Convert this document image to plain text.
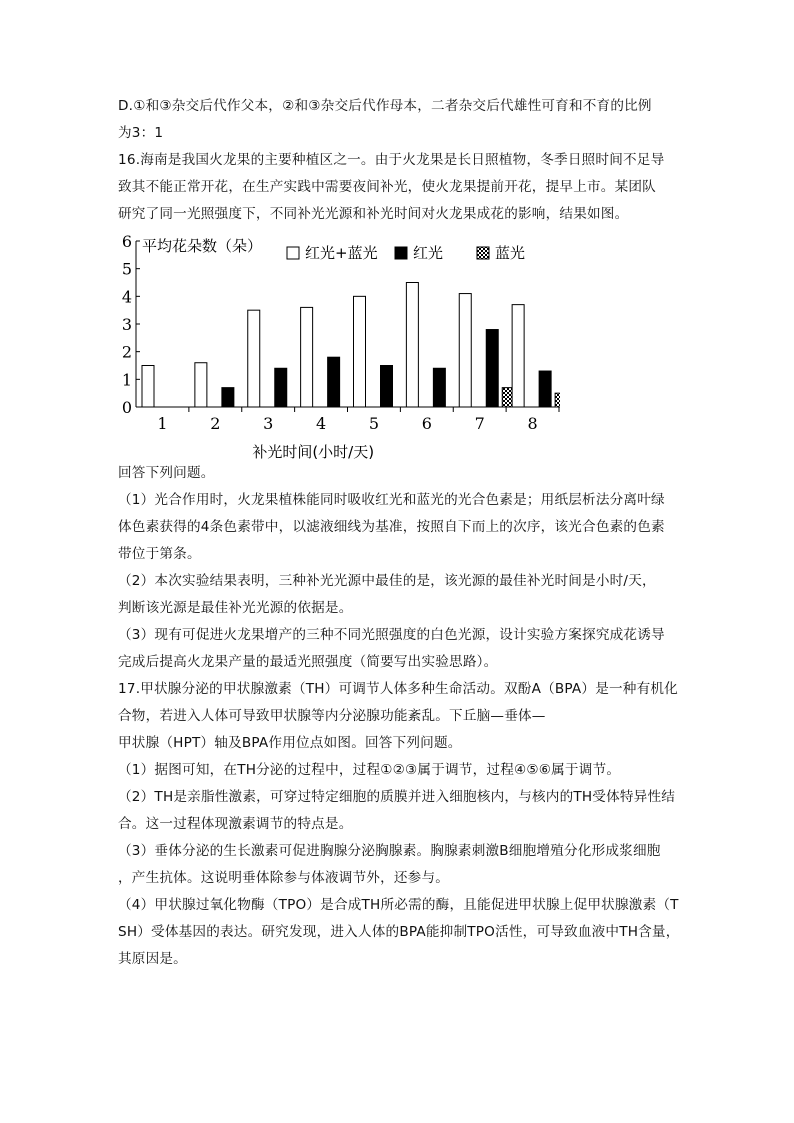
D.①和③杂交后代作父本，②和③杂交后代作母本，二者杂交后代雄性可育和不育的比例
为3：1
16.海南是我国火龙果的主要种植区之一。由于火龙果是长日照植物，冬季日照时间不足导
致其不能正常开花，在生产实践中需要夜间补光，使火龙果提前开花，提早上市。某团队
研究了同一光照强度下，不同补光光源和补光时间对火龙果成花的影响，结果如图。
0
1
2
3
4
5
6 平均花朵数（朵）
1	2	3	4	5	6	7	8
补光时间(小时/天)
红光+蓝光 红光	蓝光
回答下列问题。
（1）光合作用时，火龙果植株能同时吸收红光和蓝光的光合色素是；用纸层析法分离叶绿
体色素获得的4条色素带中，以滤液细线为基准，按照自下而上的次序，该光合色素的色素
带位于第条。
（2）本次实验结果表明，三种补光光源中最佳的是，该光源的最佳补光时间是小时/天，
判断该光源是最佳补光光源的依据是。
（3）现有可促进火龙果增产的三种不同光照强度的白色光源，设计实验方案探究成花诱导
完成后提高火龙果产量的最适光照强度（简要写出实验思路）。
17.甲状腺分泌的甲状腺激素（TH）可调节人体多种生命活动。双酚A（BPA）是一种有机化
合物，若进入人体可导致甲状腺等内分泌腺功能紊乱。下丘脑—垂体—
甲状腺（HPT）轴及BPA作用位点如图。回答下列问题。
（1）据图可知，在TH分泌的过程中，过程①②③属于调节，过程④⑤⑥属于调节。
（2）TH是亲脂性激素，可穿过特定细胞的质膜并进入细胞核内，与核内的TH受体特异性结
合。这一过程体现激素调节的特点是。
（3）垂体分泌的生长激素可促进胸腺分泌胸腺素。胸腺素刺激B细胞增殖分化形成浆细胞
，产生抗体。这说明垂体除参与体液调节外，还参与。
（4）甲状腺过氧化物酶（TPO）是合成TH所必需的酶，且能促进甲状腺上促甲状腺激素（T
SH）受体基因的表达。研究发现，进入人体的BPA能抑制TPO活性，可导致血液中TH含量，
其原因是。
